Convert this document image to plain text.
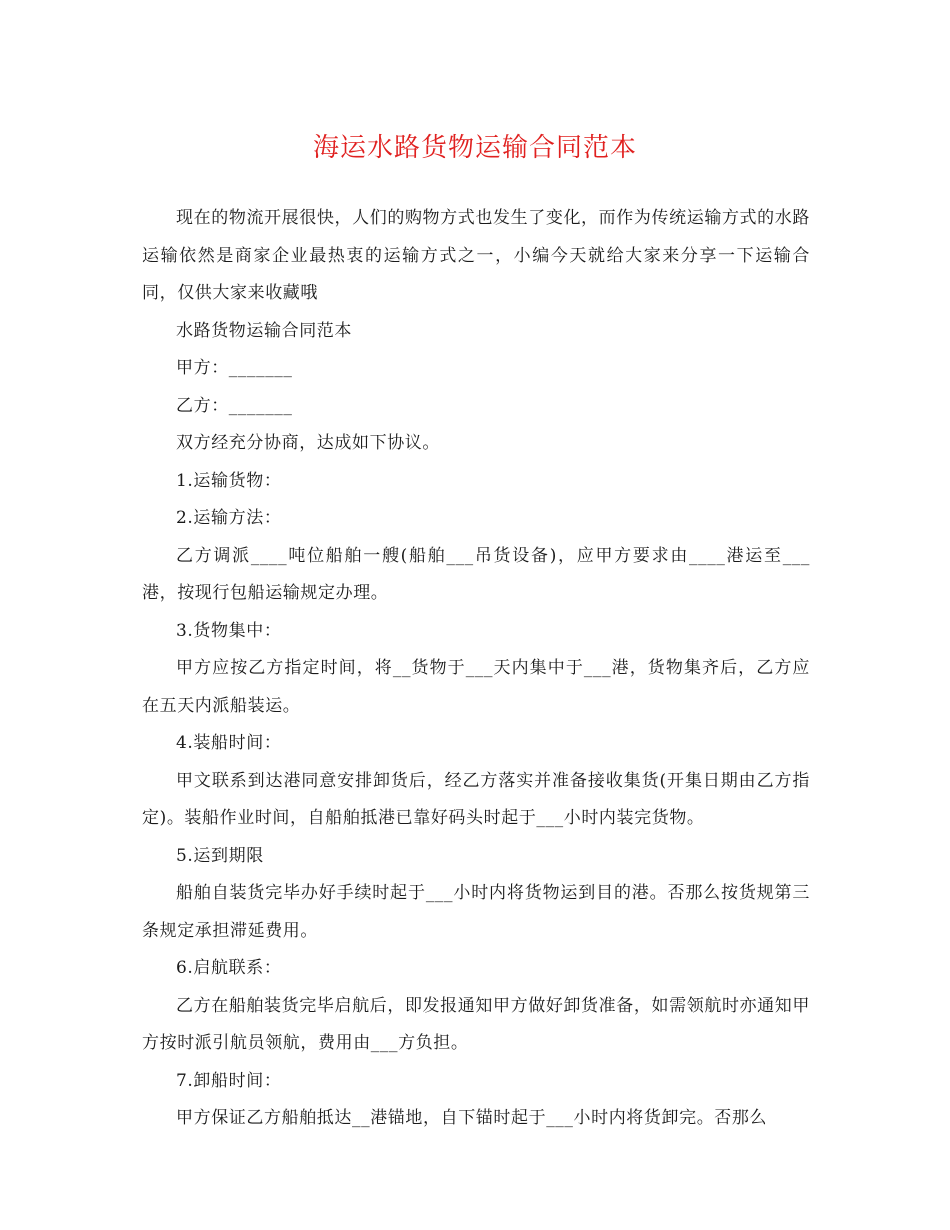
海运水路货物运输合同范本

现在的物流开展很快，人们的购物方式也发生了变化，而作为传统运输方式的水路运输依然是商家企业最热衷的运输方式之一，小编今天就给大家来分享一下运输合同，仅供大家来收藏哦

水路货物运输合同范本

甲方：_______

乙方：_______

双方经充分协商，达成如下协议。

1.运输货物：

2.运输方法：

乙方调派____吨位船舶一艘(船舶___吊货设备)，应甲方要求由____港运至___港，按现行包船运输规定办理。

3.货物集中：

甲方应按乙方指定时间，将__货物于___天内集中于___港，货物集齐后，乙方应在五天内派船装运。

4.装船时间：

甲文联系到达港同意安排卸货后，经乙方落实并准备接收集货(开集日期由乙方指定)。装船作业时间，自船舶抵港已靠好码头时起于___小时内装完货物。

5.运到期限

船舶自装货完毕办好手续时起于___小时内将货物运到目的港。否那么按货规第三条规定承担滞延费用。

6.启航联系：

乙方在船舶装货完毕启航后，即发报通知甲方做好卸货准备，如需领航时亦通知甲方按时派引航员领航，费用由___方负担。

7.卸船时间：

甲方保证乙方船舶抵达__港锚地，自下锚时起于___小时内将货卸完。否那么
